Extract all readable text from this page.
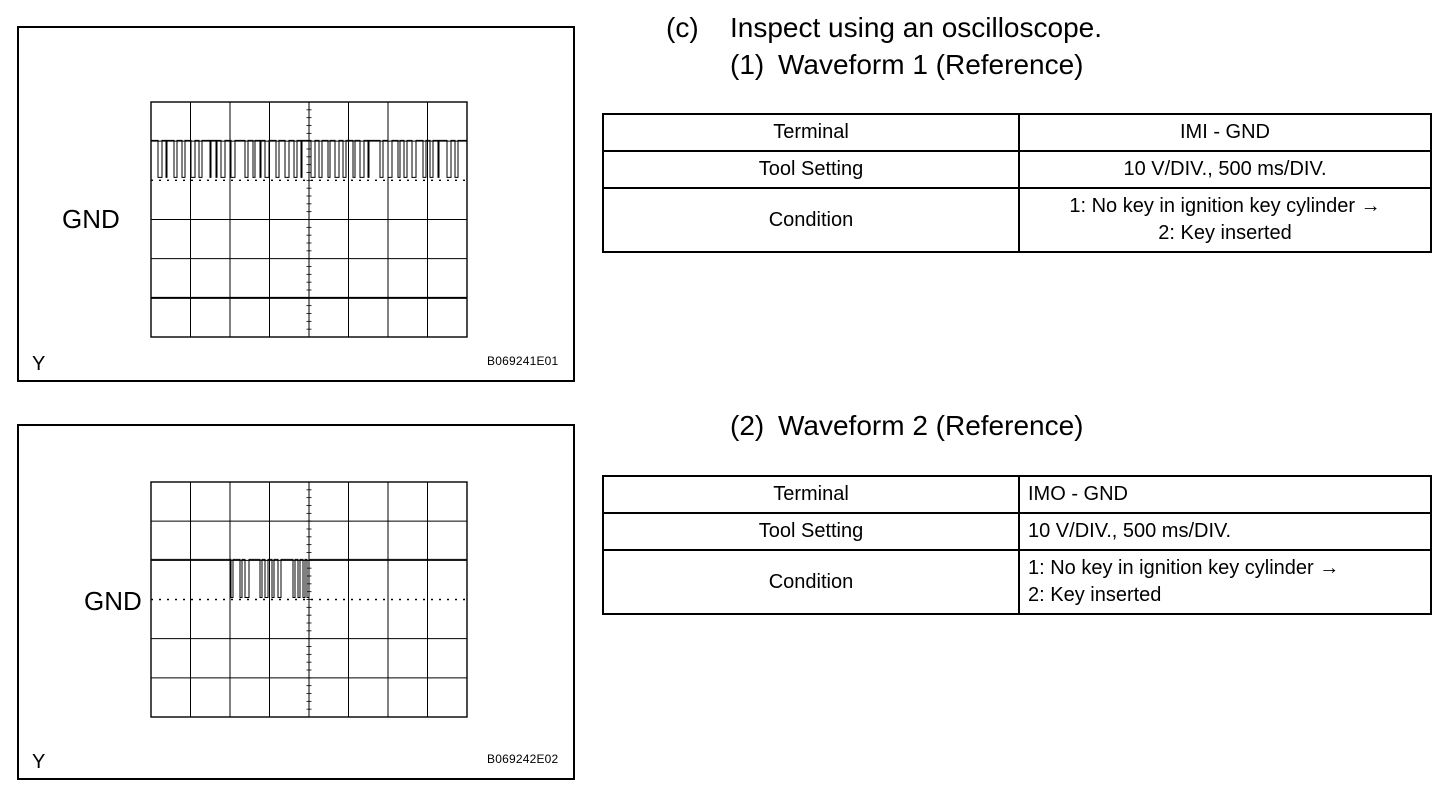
GND
Y	B069241E01
GND
Y	B069242E02
(c) Inspect using an oscilloscope.
(1) Waveform 1 (Reference)
Terminal	IMI - GND
Tool Setting	10 V/DIV., 500 ms/DIV.
Condition	1: No key in ignition key cylinder →
2: Key inserted
(2) Waveform 2 (Reference)
Terminal	IMO - GND
Tool Setting	10 V/DIV., 500 ms/DIV.
Condition	1: No key in ignition key cylinder →
2: Key inserted
